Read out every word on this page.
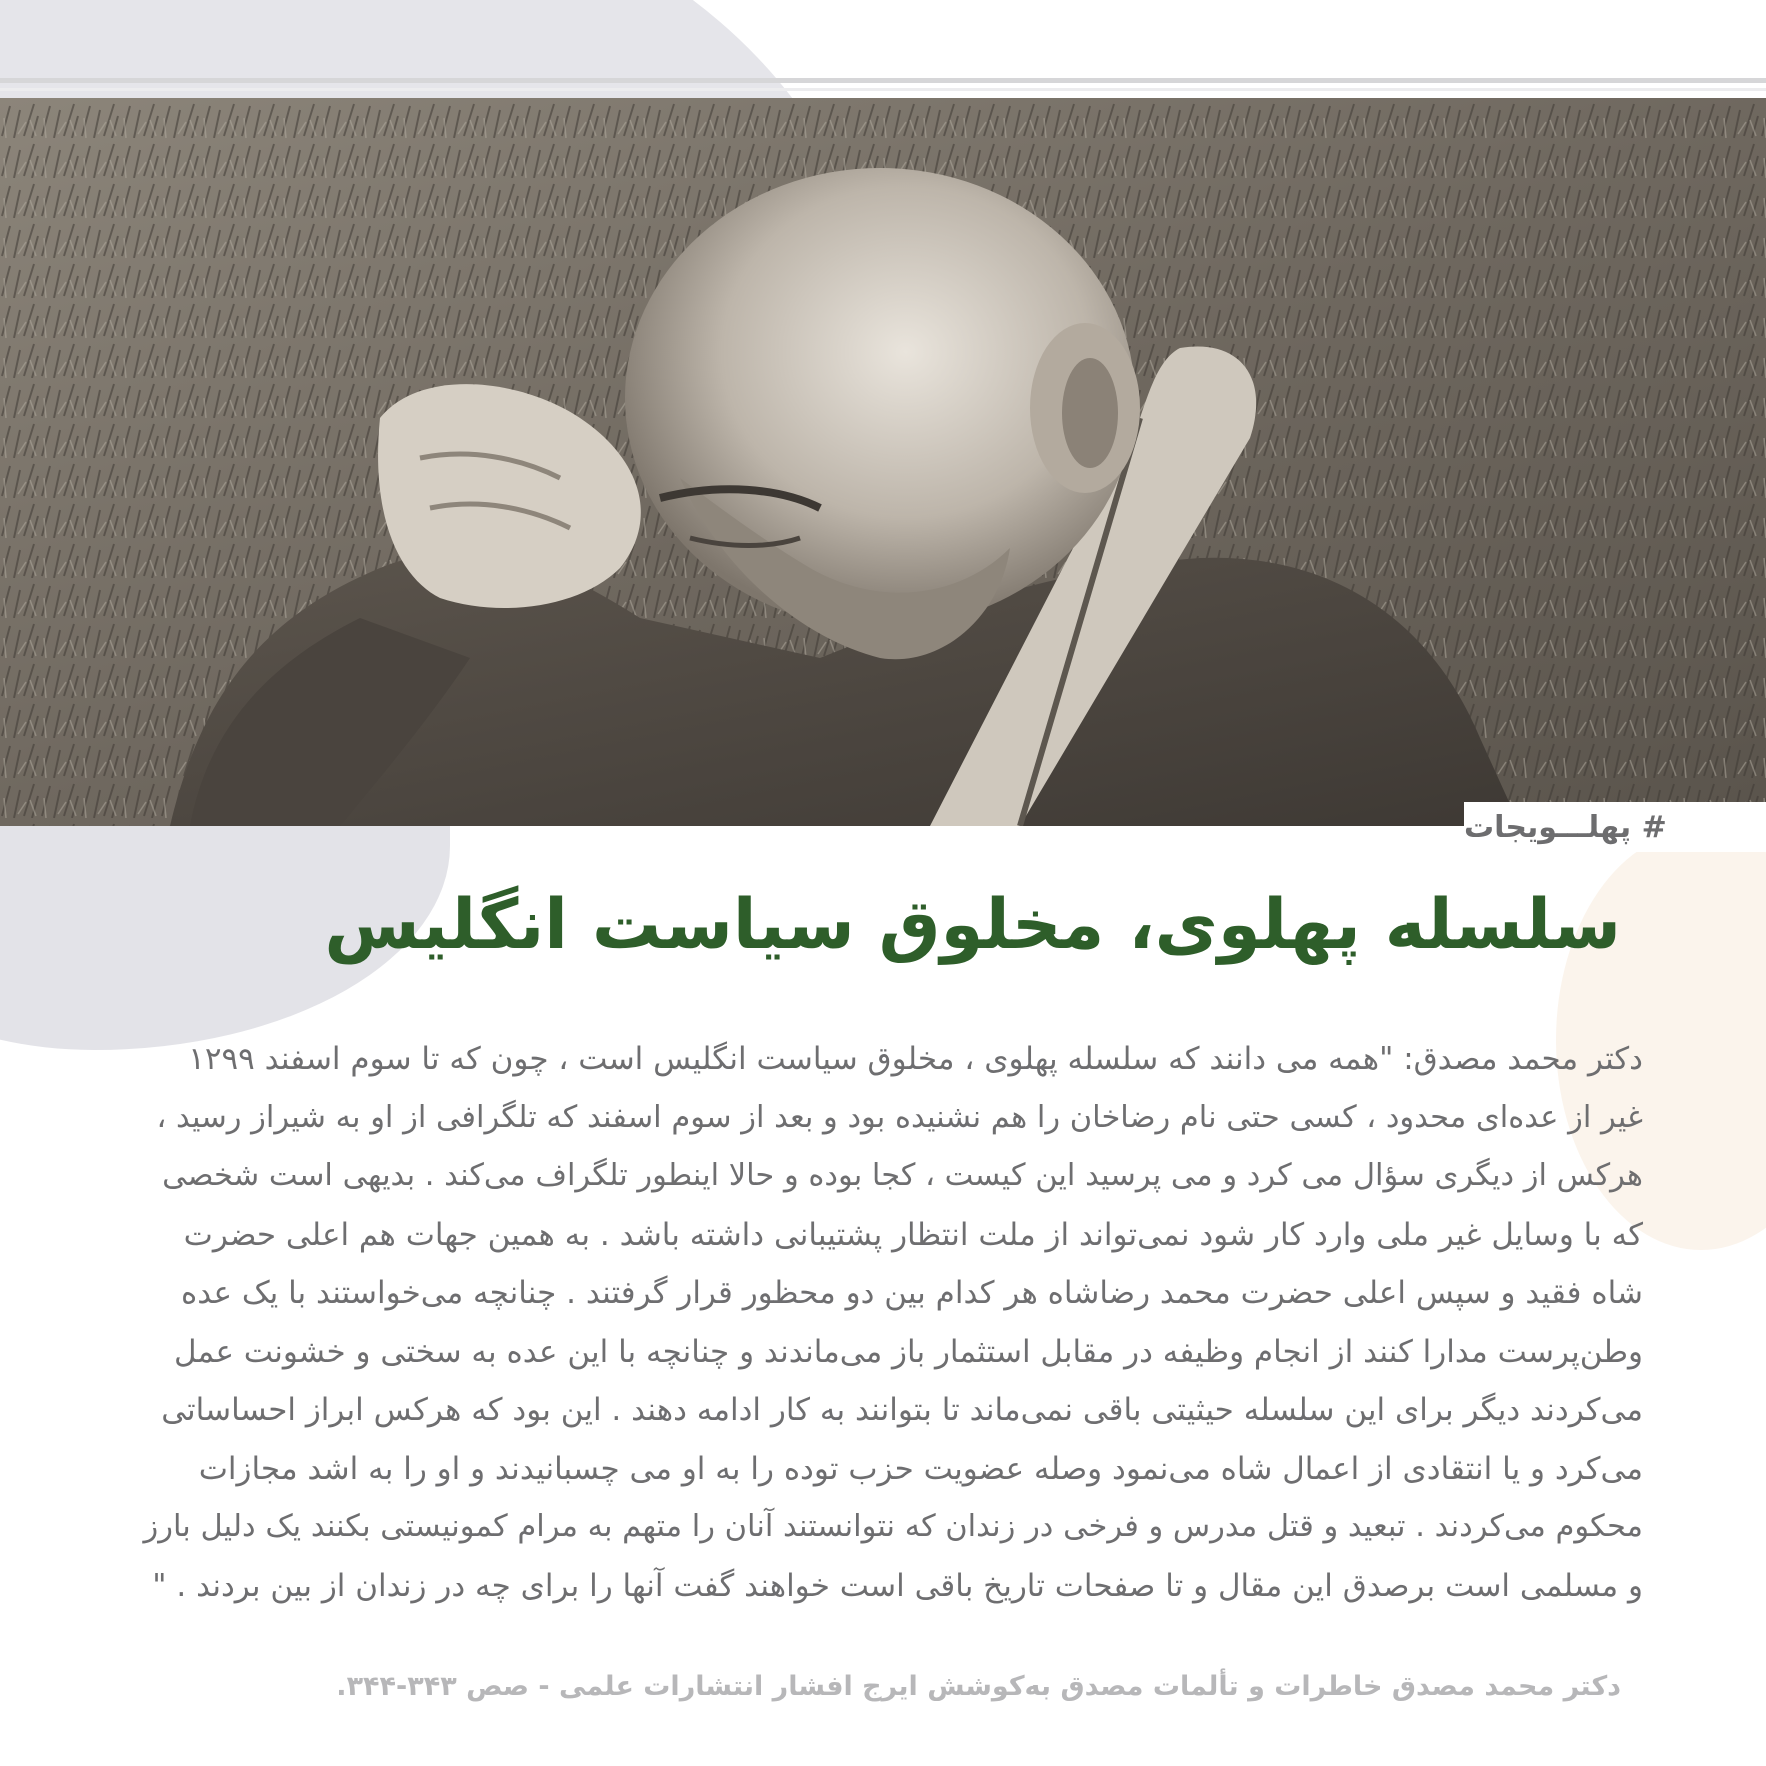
# پهلـــویجات
سلسله پهلوی، مخلوق سیاست انگلیس
دکتر محمد مصدق: "همه می دانند که سلسله پهلوی ، مخلوق سیاست انگلیس است ، چون که تا سوم اسفند ۱۲۹۹
غیر از عده‌ای محدود ، کسی حتی نام رضاخان را هم نشنیده بود و بعد از سوم اسفند که تلگرافی از او به شیراز رسید ،
هرکس از دیگری سؤال می کرد و می پرسید این کیست ، کجا بوده و حالا اینطور تلگراف می‌کند . بدیهی است شخصی
که با وسایل غیر ملی وارد کار شود نمی‌تواند از ملت انتظار پشتیبانی داشته باشد . به همین جهات هم اعلی حضرت
شاه فقید و سپس اعلی حضرت محمد رضاشاه هر کدام بین دو محظور قرار گرفتند . چنانچه می‌خواستند با یک عده
وطن‌پرست مدارا کنند از انجام وظیفه در مقابل استثمار باز می‌ماندند و چنانچه با این عده به سختی و خشونت عمل
می‌کردند دیگر برای این سلسله حیثیتی باقی نمی‌ماند تا بتوانند به کار ادامه دهند . این بود که هرکس ابراز احساساتی
می‌کرد و یا انتقادی از اعمال شاه می‌نمود وصله عضویت حزب توده را به او می چسبانیدند و او را به اشد مجازات
محکوم می‌کردند . تبعید و قتل مدرس و فرخی در زندان که نتوانستند آنان را متهم به مرام کمونیستی بکنند یک دلیل بارز
و مسلمی است برصدق این مقال و تا صفحات تاریخ باقی است خواهند گفت آنها را برای چه در زندان از بین بردند . "
دکتر محمد مصدق خاطرات و تألمات مصدق به‌کوشش ایرج افشار انتشارات علمی - صص ۳۴۳-۳۴۴.
